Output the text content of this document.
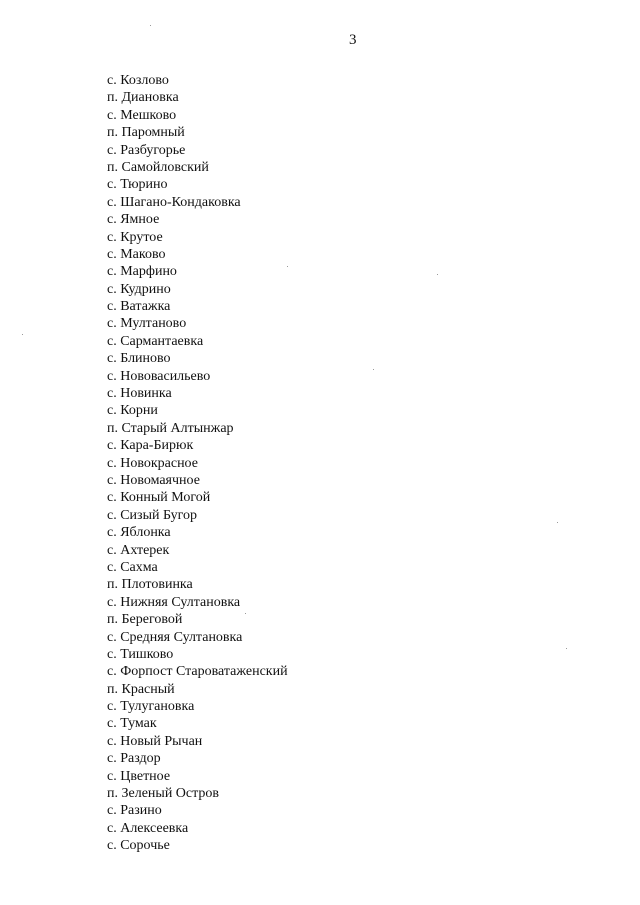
3
с. Козлово
п. Диановка
с. Мешково
п. Паромный
с. Разбугорье
п. Самойловский
с. Тюрино
с. Шагано-Кондаковка
с. Ямное
с. Крутое
с. Маково
с. Марфино
с. Кудрино
с. Ватажка
с. Мултаново
с. Сармантаевка
с. Блиново
с. Нововасильево
с. Новинка
с. Корни
п. Старый Алтынжар
с. Кара-Бирюк
с. Новокрасное
с. Новомаячное
с. Конный Могой
с. Сизый Бугор
с. Яблонка
с. Ахтерек
с. Сахма
п. Плотовинка
с. Нижняя Султановка
п. Береговой
с. Средняя Султановка
с. Тишково
с. Форпост Староватаженский
п. Красный
с. Тулугановка
с. Тумак
с. Новый Рычан
с. Раздор
с. Цветное
п. Зеленый Остров
с. Разино
с. Алексеевка
с. Сорочье
